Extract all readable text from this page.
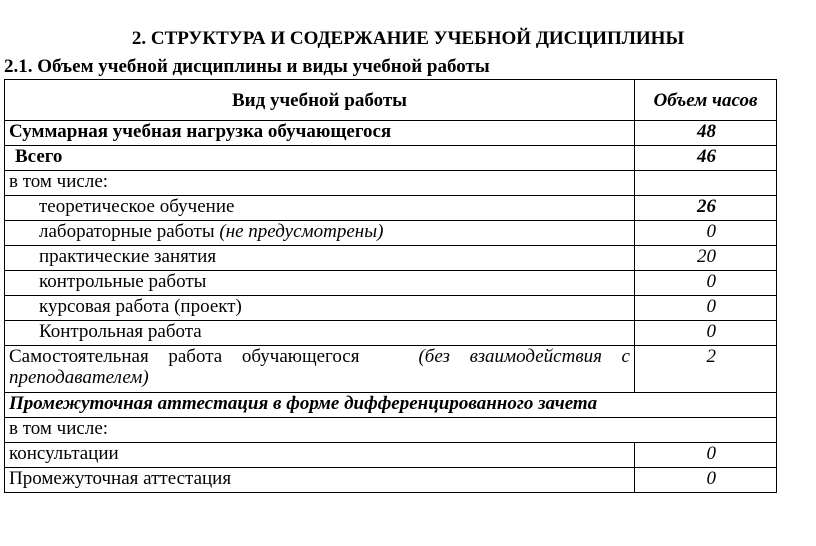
2. СТРУКТУРА И СОДЕРЖАНИЕ УЧЕБНОЙ ДИСЦИПЛИНЫ
2.1. Объем учебной дисциплины и виды учебной работы
Вид учебной работы	Объем часов
Суммарная учебная нагрузка обучающегося	48
Всего	46
в том числе:	
теоретическое обучение	26
лабораторные работы (не предусмотрены)	0
практические занятия	20
контрольные работы	0
курсовая работа (проект)	0
Контрольная работа	0
Самостоятельная работа обучающегося (без взаимодействия с преподавателем)	2
Промежуточная аттестация в форме дифференцированного зачета	
в том числе:	
консультации	0
Промежуточная аттестация	0
